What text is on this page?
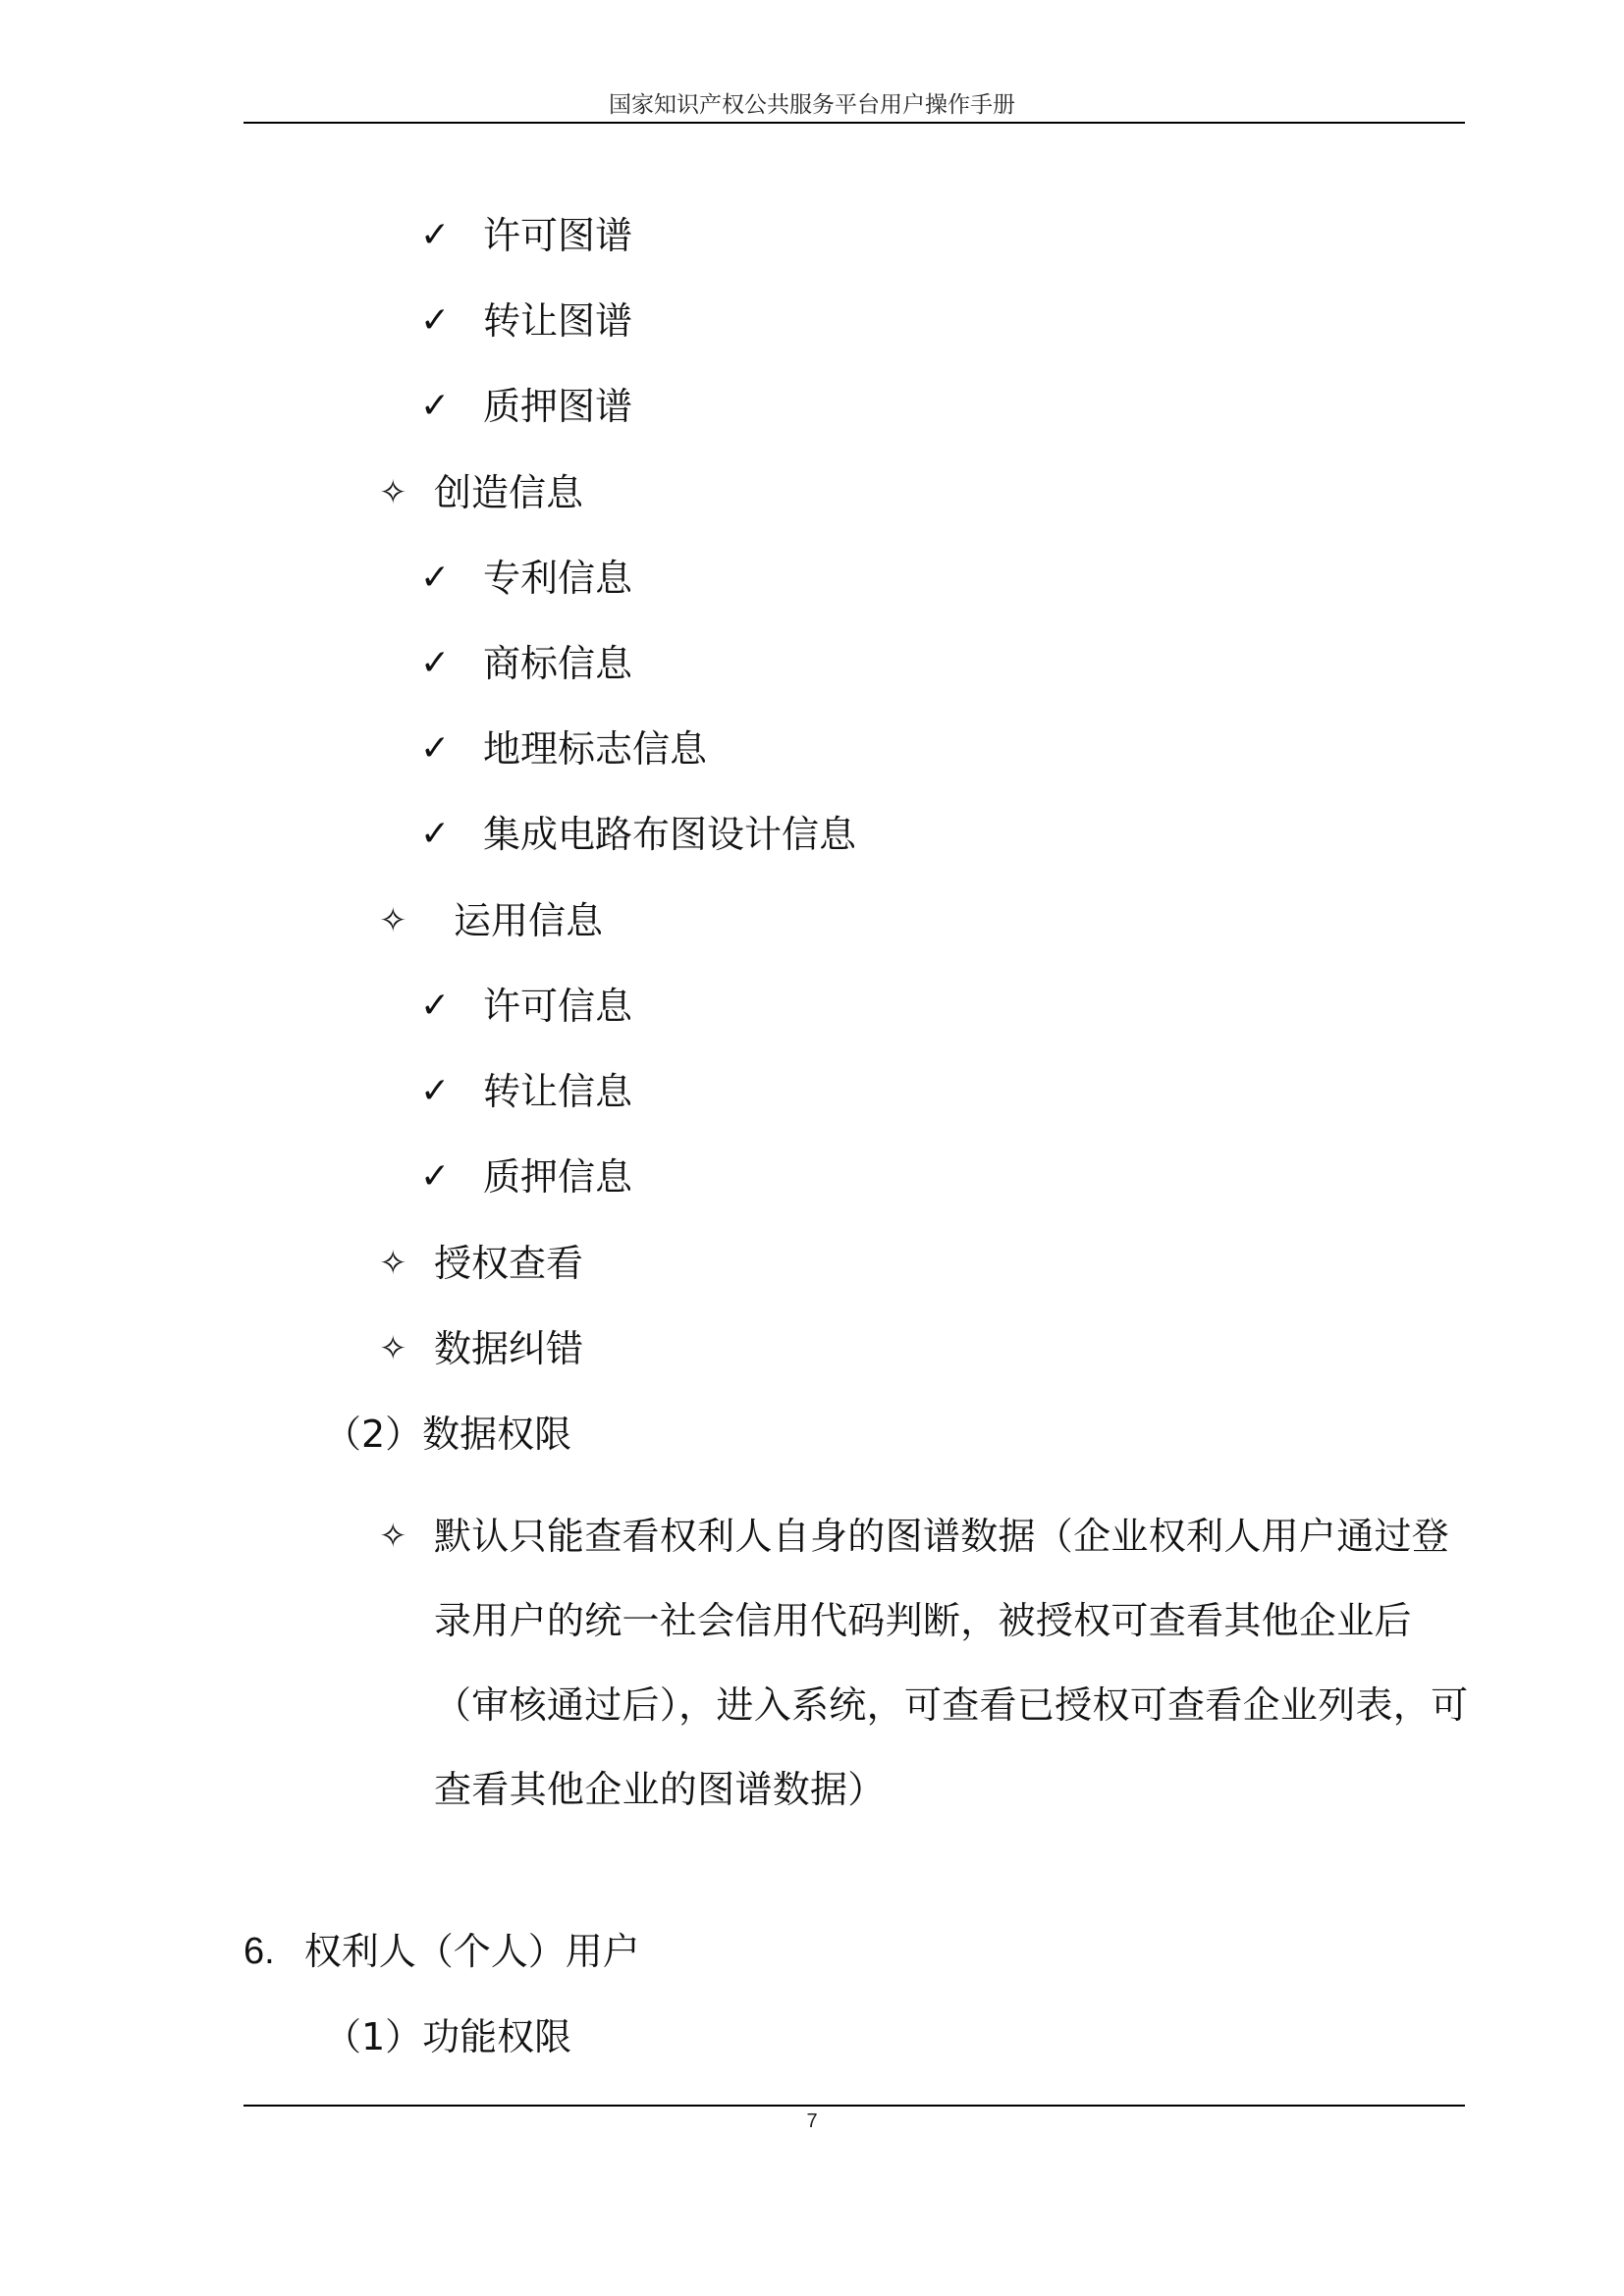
国家知识产权公共服务平台用户操作手册
✓ 许可图谱
✓ 转让图谱
✓ 质押图谱
✧ 创造信息
✓ 专利信息
✓ 商标信息
✓ 地理标志信息
✓ 集成电路布图设计信息
✧ 运用信息
✓ 许可信息
✓ 转让信息
✓ 质押信息
✧ 授权查看
✧ 数据纠错
（2）数据权限
✧ 默认只能查看权利人自身的图谱数据（企业权利人用户通过登
录用户的统一社会信用代码判断，被授权可查看其他企业后
（审核通过后），进入系统，可查看已授权可查看企业列表，可
查看其他企业的图谱数据）
6. 权利人（个人）用户
（1）功能权限
7
